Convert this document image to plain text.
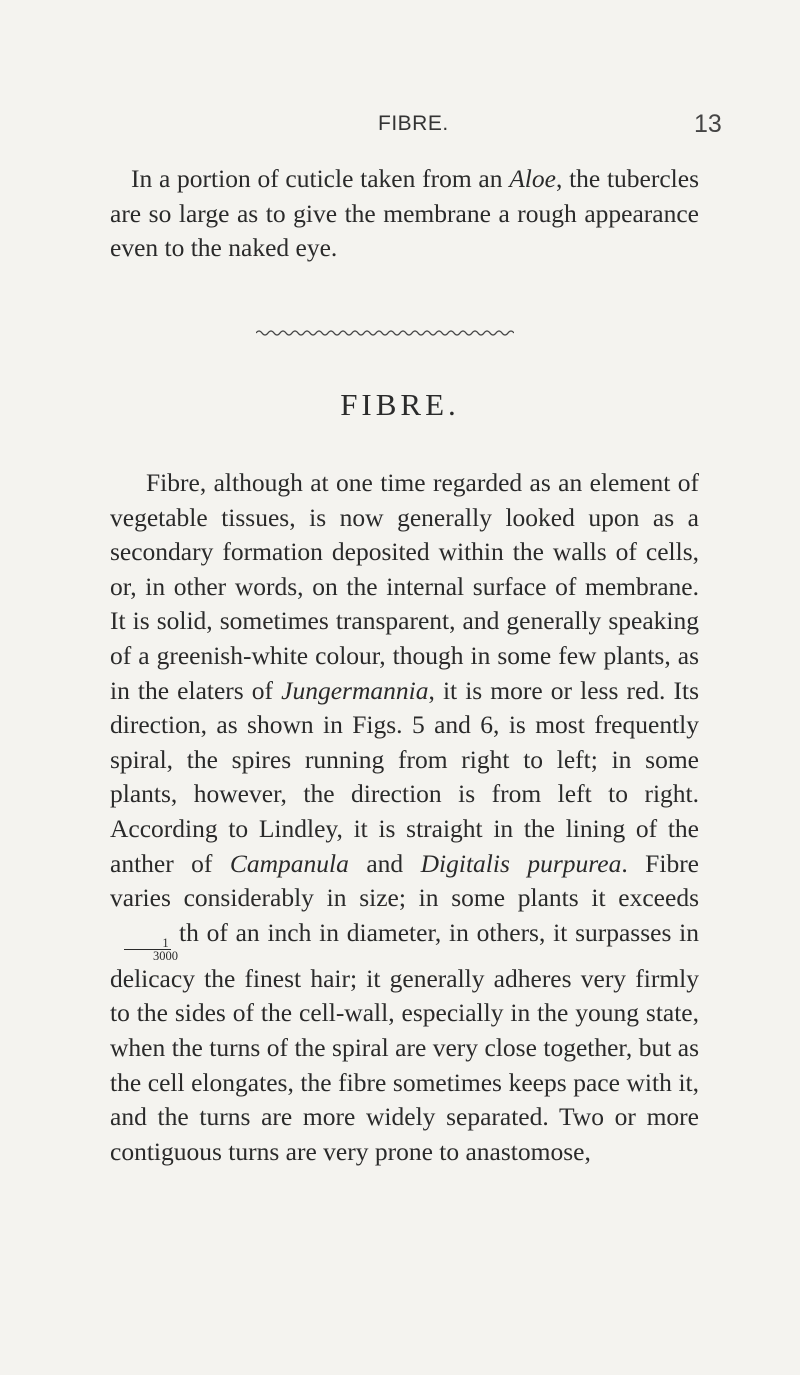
FIBRE.	13

In a portion of cuticle taken from an Aloe, the tubercles are so large as to give the membrane a rough appearance even to the naked eye.

FIBRE.

Fibre, although at one time regarded as an element of vegetable tissues, is now generally looked upon as a secondary formation deposited within the walls of cells, or, in other words, on the internal surface of membrane. It is solid, sometimes transparent, and generally speaking of a greenish-white colour, though in some few plants, as in the elaters of Jungermannia, it is more or less red. Its direction, as shown in Figs. 5 and 6, is most frequently spiral, the spires running from right to left; in some plants, however, the direction is from left to right. According to Lindley, it is straight in the lining of the anther of Campanula and Digitalis purpurea. Fibre varies considerably in size; in some plants it exceeds
$\frac{1}{3000}$
th of an inch in diameter, in others, it surpasses in delicacy the finest hair; it generally adheres very firmly to the sides of the cell-wall, especially in the young state, when the turns of the spiral are very close together, but as the cell elongates, the fibre sometimes keeps pace with it, and the turns are more widely separated. Two or more contiguous turns are very prone to anastomose,
